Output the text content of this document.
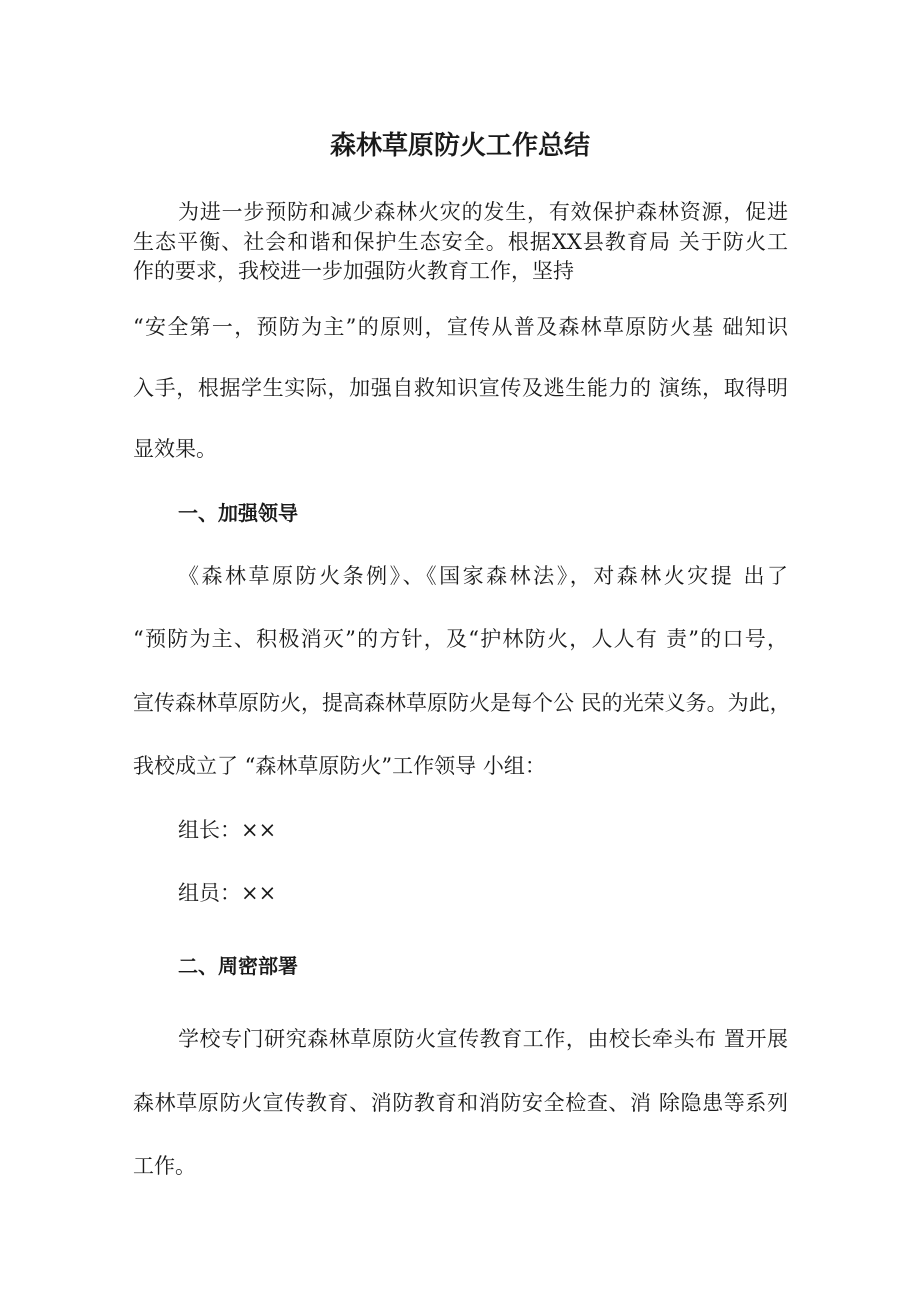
森林草原防火工作总结
为进一步预防和减少森林火灾的发生，有效保护森林资源，促进
生态平衡、社会和谐和保护生态安全。根据XX县教育局 关于防火工
作的要求，我校进一步加强防火教育工作，坚持
“安全第一，预防为主”的原则，宣传从普及森林草原防火基 础知识
入手，根据学生实际，加强自救知识宣传及逃生能力的 演练，取得明
显效果。
一、加强领导
《森林草原防火条例》、《国家森林法》，对森林火灾提 出了
“预防为主、积极消灭”的方针，及“护林防火，人人有 责”的口号，
宣传森林草原防火，提高森林草原防火是每个公 民的光荣义务。为此，
我校成立了 “森林草原防火”工作领导 小组：
组长：××
组员：××
二、周密部署
学校专门研究森林草原防火宣传教育工作，由校长牵头布 置开展
森林草原防火宣传教育、消防教育和消防安全检查、消 除隐患等系列
工作。
